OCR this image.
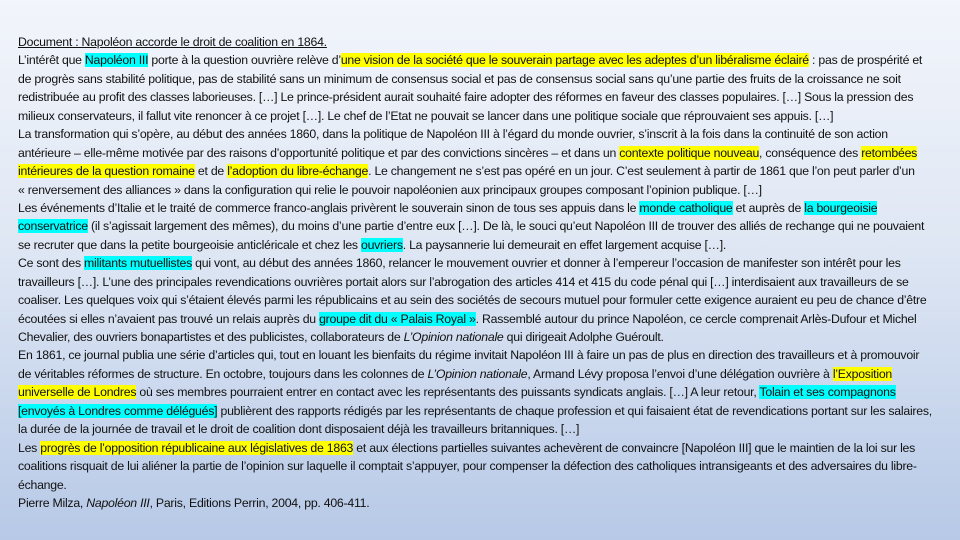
Document : Napoléon accorde le droit de coalition en 1864.
L’intérêt que Napoléon III porte à la question ouvrière relève d’une vision de la société que le souverain partage avec les adeptes d’un libéralisme éclairé : pas de prospérité et
de progrès sans stabilité politique, pas de stabilité sans un minimum de consensus social et pas de consensus social sans qu’une partie des fruits de la croissance ne soit
redistribuée au profit des classes laborieuses. […] Le prince-président aurait souhaité faire adopter des réformes en faveur des classes populaires. […] Sous la pression des
milieux conservateurs, il fallut vite renoncer à ce projet […]. Le chef de l’Etat ne pouvait se lancer dans une politique sociale que réprouvaient ses appuis. […]
La transformation qui s’opère, au début des années 1860, dans la politique de Napoléon III à l’égard du monde ouvrier, s’inscrit à la fois dans la continuité de son action
antérieure – elle-même motivée par des raisons d’opportunité politique et par des convictions sincères – et dans un contexte politique nouveau, conséquence des retombées
intérieures de la question romaine et de l’adoption du libre-échange. Le changement ne s’est pas opéré en un jour. C’est seulement à partir de 1861 que l’on peut parler d’un
« renversement des alliances » dans la configuration qui relie le pouvoir napoléonien aux principaux groupes composant l’opinion publique. […]
Les événements d’Italie et le traité de commerce franco-anglais privèrent le souverain sinon de tous ses appuis dans le monde catholique et auprès de la bourgeoisie
conservatrice (il s’agissait largement des mêmes), du moins d’une partie d’entre eux […]. De là, le souci qu’eut Napoléon III de trouver des alliés de rechange qui ne pouvaient
se recruter que dans la petite bourgeoisie anticléricale et chez les ouvriers. La paysannerie lui demeurait en effet largement acquise […].
Ce sont des militants mutuellistes qui vont, au début des années 1860, relancer le mouvement ouvrier et donner à l’empereur l’occasion de manifester son intérêt pour les
travailleurs […]. L’une des principales revendications ouvrières portait alors sur l’abrogation des articles 414 et 415 du code pénal qui […] interdisaient aux travailleurs de se
coaliser. Les quelques voix qui s’étaient élevés parmi les républicains et au sein des sociétés de secours mutuel pour formuler cette exigence auraient eu peu de chance d’être
écoutées si elles n’avaient pas trouvé un relais auprès du groupe dit du « Palais Royal ». Rassemblé autour du prince Napoléon, ce cercle comprenait Arlès-Dufour et Michel
Chevalier, des ouvriers bonapartistes et des publicistes, collaborateurs de L’Opinion nationale qui dirigeait Adolphe Guéroult.
En 1861, ce journal publia une série d’articles qui, tout en louant les bienfaits du régime invitait Napoléon III à faire un pas de plus en direction des travailleurs et à promouvoir
de véritables réformes de structure. En octobre, toujours dans les colonnes de L’Opinion nationale, Armand Lévy proposa l’envoi d’une délégation ouvrière à l’Exposition
universelle de Londres où ses membres pourraient entrer en contact avec les représentants des puissants syndicats anglais. […] A leur retour, Tolain et ses compagnons
[envoyés à Londres comme délégués] publièrent des rapports rédigés par les représentants de chaque profession et qui faisaient état de revendications portant sur les salaires,
la durée de la journée de travail et le droit de coalition dont disposaient déjà les travailleurs britanniques. […]
Les progrès de l’opposition républicaine aux législatives de 1863 et aux élections partielles suivantes achevèrent de convaincre [Napoléon III] que le maintien de la loi sur les
coalitions risquait de lui aliéner la partie de l’opinion sur laquelle il comptait s’appuyer, pour compenser la défection des catholiques intransigeants et des adversaires du libre-
échange.
Pierre Milza, Napoléon III, Paris, Editions Perrin, 2004, pp. 406-411.
